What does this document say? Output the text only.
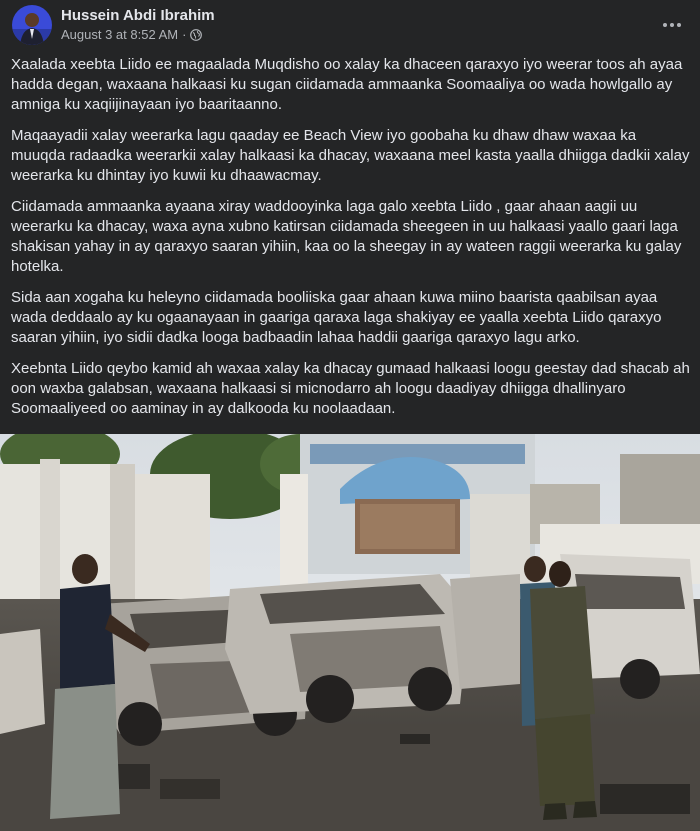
Hussein Abdi Ibrahim
August 3 at 8:52 AM ·

Xaalada xeebta Liido ee magaalada Muqdisho oo xalay ka dhaceen qaraxyo iyo weerar toos ah ayaa hadda degan, waxaana halkaasi ku sugan ciidamada ammaanka Soomaaliya oo wada howlgallo ay amniga ku xaqiijinayaan iyo baaritaanno.

Maqaayadii xalay weerarka lagu qaaday ee Beach View iyo goobaha ku dhaw dhaw waxaa ka muuqda radaadka weerarkii xalay halkaasi ka dhacay, waxaana meel kasta yaalla dhiigga dadkii xalay weerarka ku dhintay iyo kuwii ku dhaawacmay.

Ciidamada ammaanka ayaana xiray waddooyinka laga galo xeebta Liido , gaar ahaan aagii uu weerarku ka dhacay, waxa ayna xubno katirsan ciidamada sheegeen in uu halkaasi yaallo gaari laga shakisan yahay in ay qaraxyo saaran yihiin, kaa oo la sheegay in ay wateen raggii weerarka ku galay hotelka.

Sida aan xogaha ku heleyno ciidamada booliiska gaar ahaan kuwa miino baarista qaabilsan ayaa wada deddaalo ay ku ogaanayaan in gaariga qaraxa laga shakiyay ee yaalla xeebta Liido qaraxyo saaran yihiin, iyo sidii dadka looga badbaadin lahaa haddii gaariga qaraxyo lagu arko.

Xeebnta Liido qeybo kamid ah waxaa xalay ka dhacay gumaad halkaasi loogu geestay dad shacab ah oon waxba galabsan, waxaana halkaasi si micnodarro ah loogu daadiyay dhiigga dhallinyaro Soomaaliyeed oo aaminay in ay dalkooda ku noolaadaan.
